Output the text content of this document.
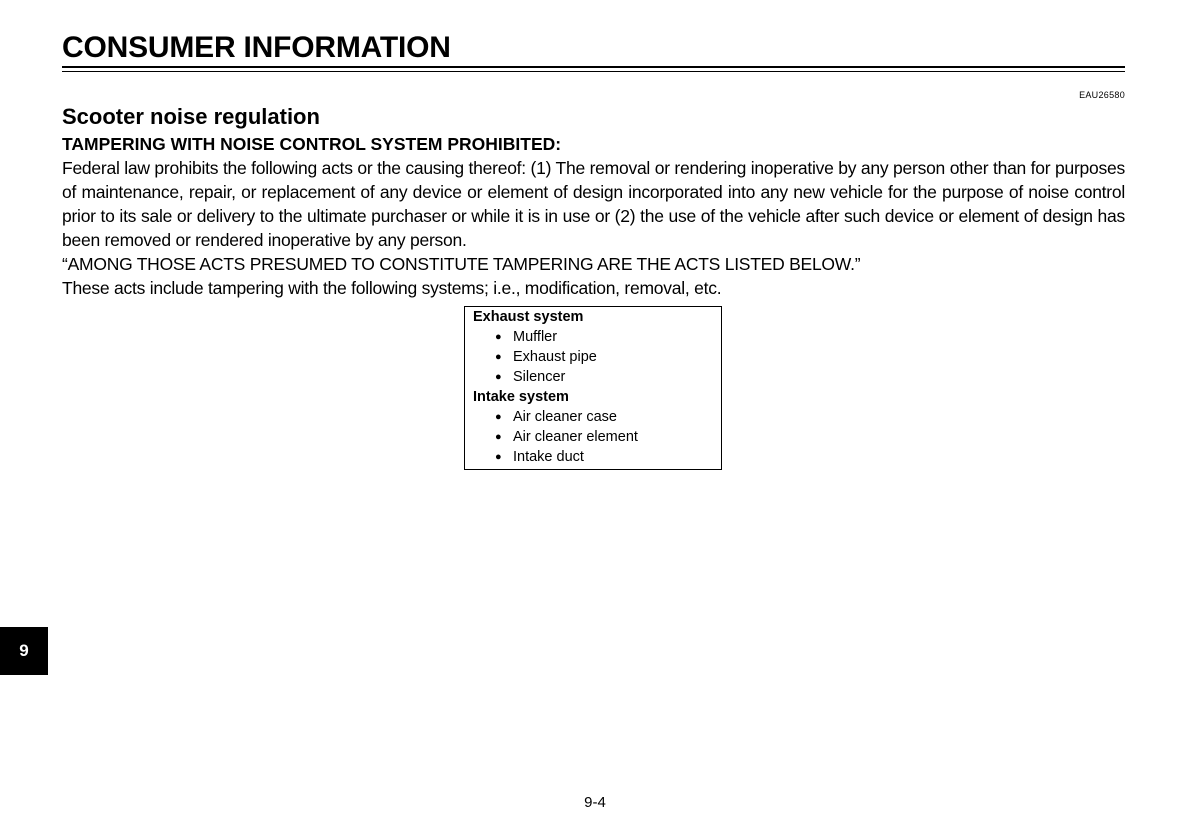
CONSUMER INFORMATION
EAU26580
Scooter noise regulation
TAMPERING WITH NOISE CONTROL SYSTEM PROHIBITED:

Federal law prohibits the following acts or the causing thereof: (1) The removal or rendering inoperative by any person other than for purposes of maintenance, repair, or replacement of any device or element of design incorporated into any new vehicle for the purpose of noise control prior to its sale or delivery to the ultimate purchaser or while it is in use or (2) the use of the vehicle after such device or element of design has been removed or rendered inoperative by any person.

“AMONG THOSE ACTS PRESUMED TO CONSTITUTE TAMPERING ARE THE ACTS LISTED BELOW.”

These acts include tampering with the following systems; i.e., modification, removal, etc.

Exhaust system
● Muffler
● Exhaust pipe
● Silencer
Intake system
● Air cleaner case
● Air cleaner element
● Intake duct
9
9-4
